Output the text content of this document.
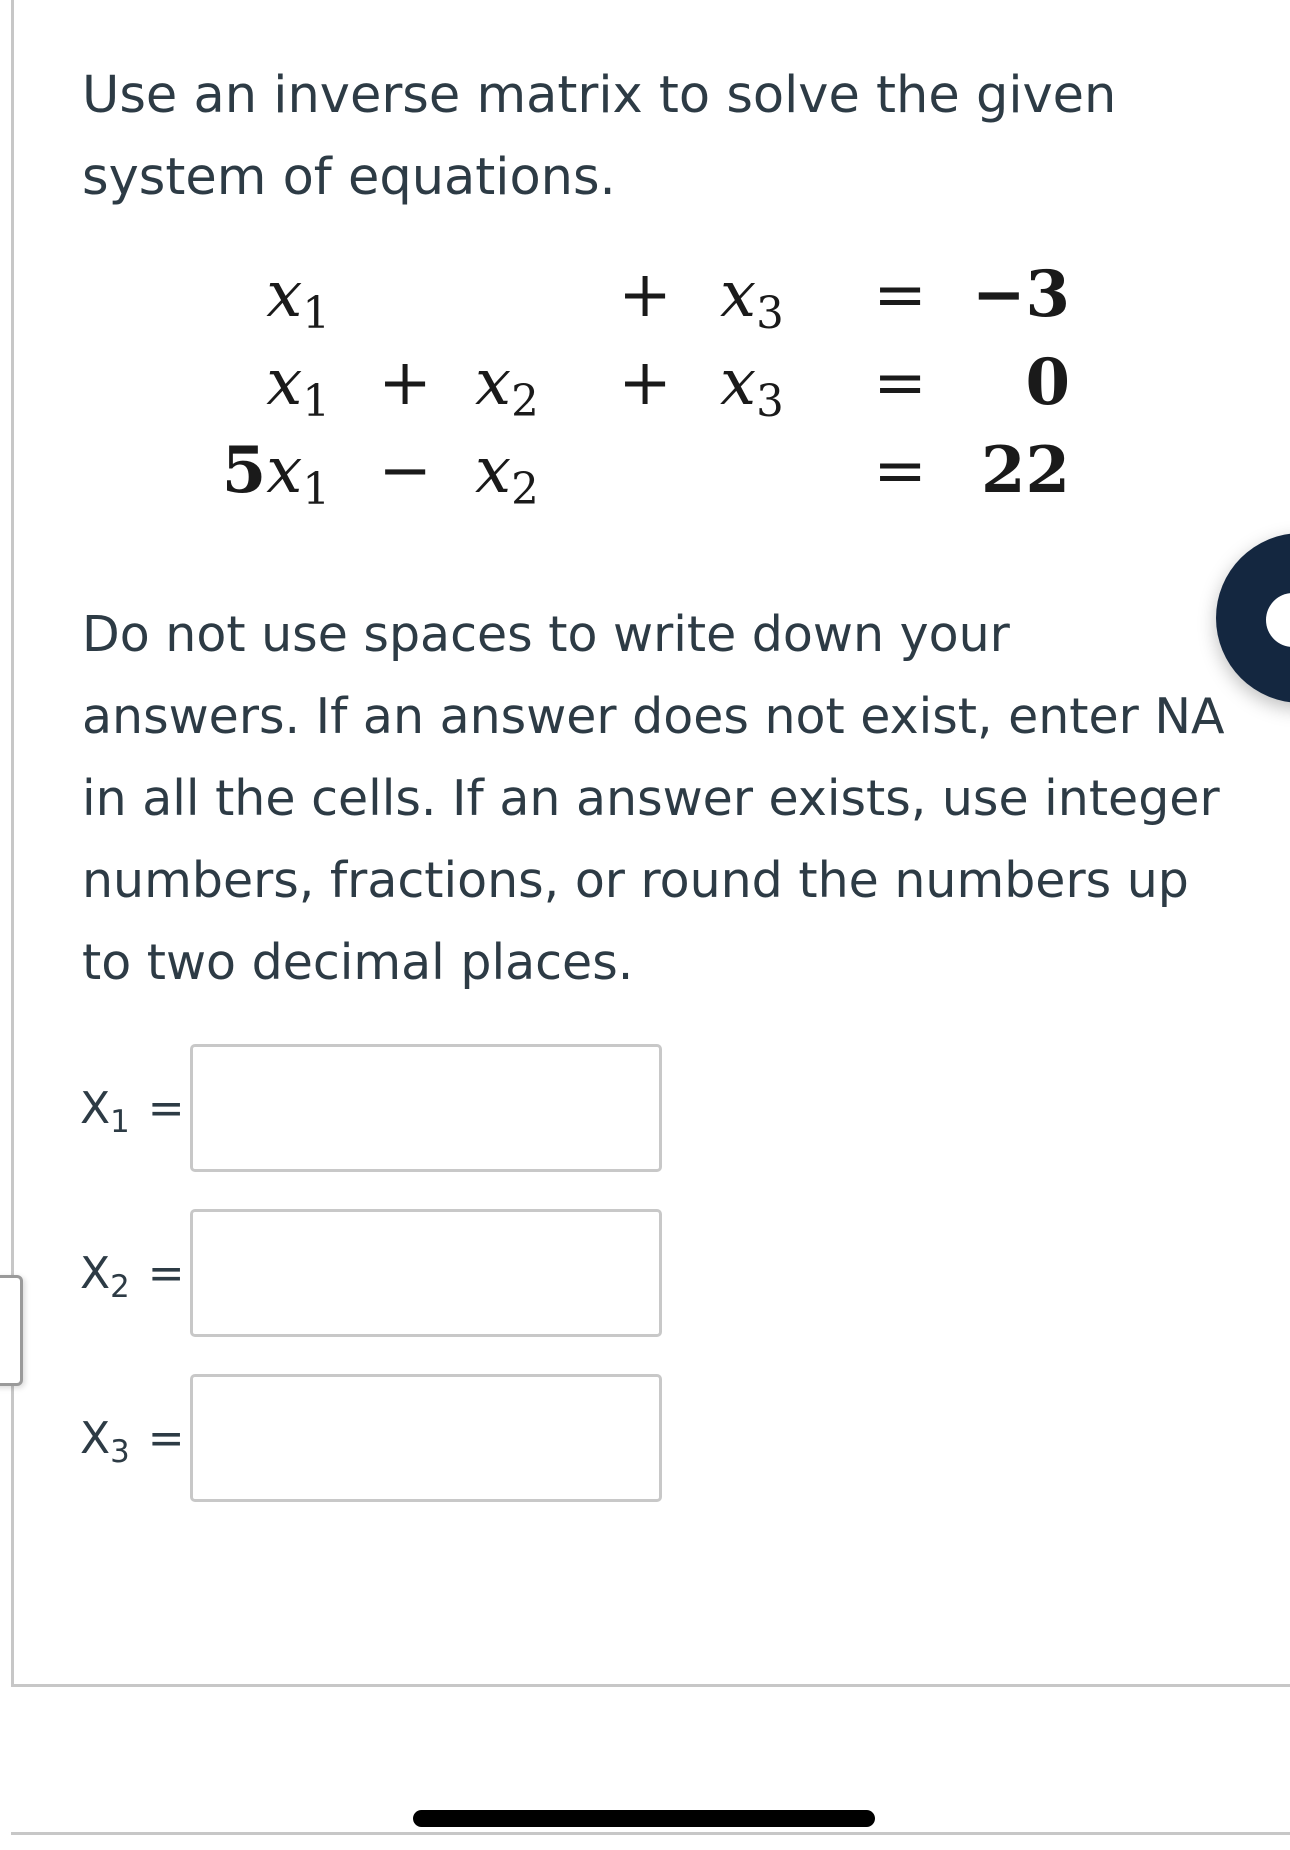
Use an inverse matrix to solve the given system of equations.

$x_1$	+ $x_3$	= −3
$x_1 + x_2$	+ $x_3$	=	0
$5x_1 - x_2$	= 22

Do not use spaces to write down your answers. If an answer does not exist, enter NA in all the cells. If an answer exists, use integer numbers, fractions, or round the numbers up to two decimal places.

$X_1$ =
$X_2$ =
$X_3$ =
